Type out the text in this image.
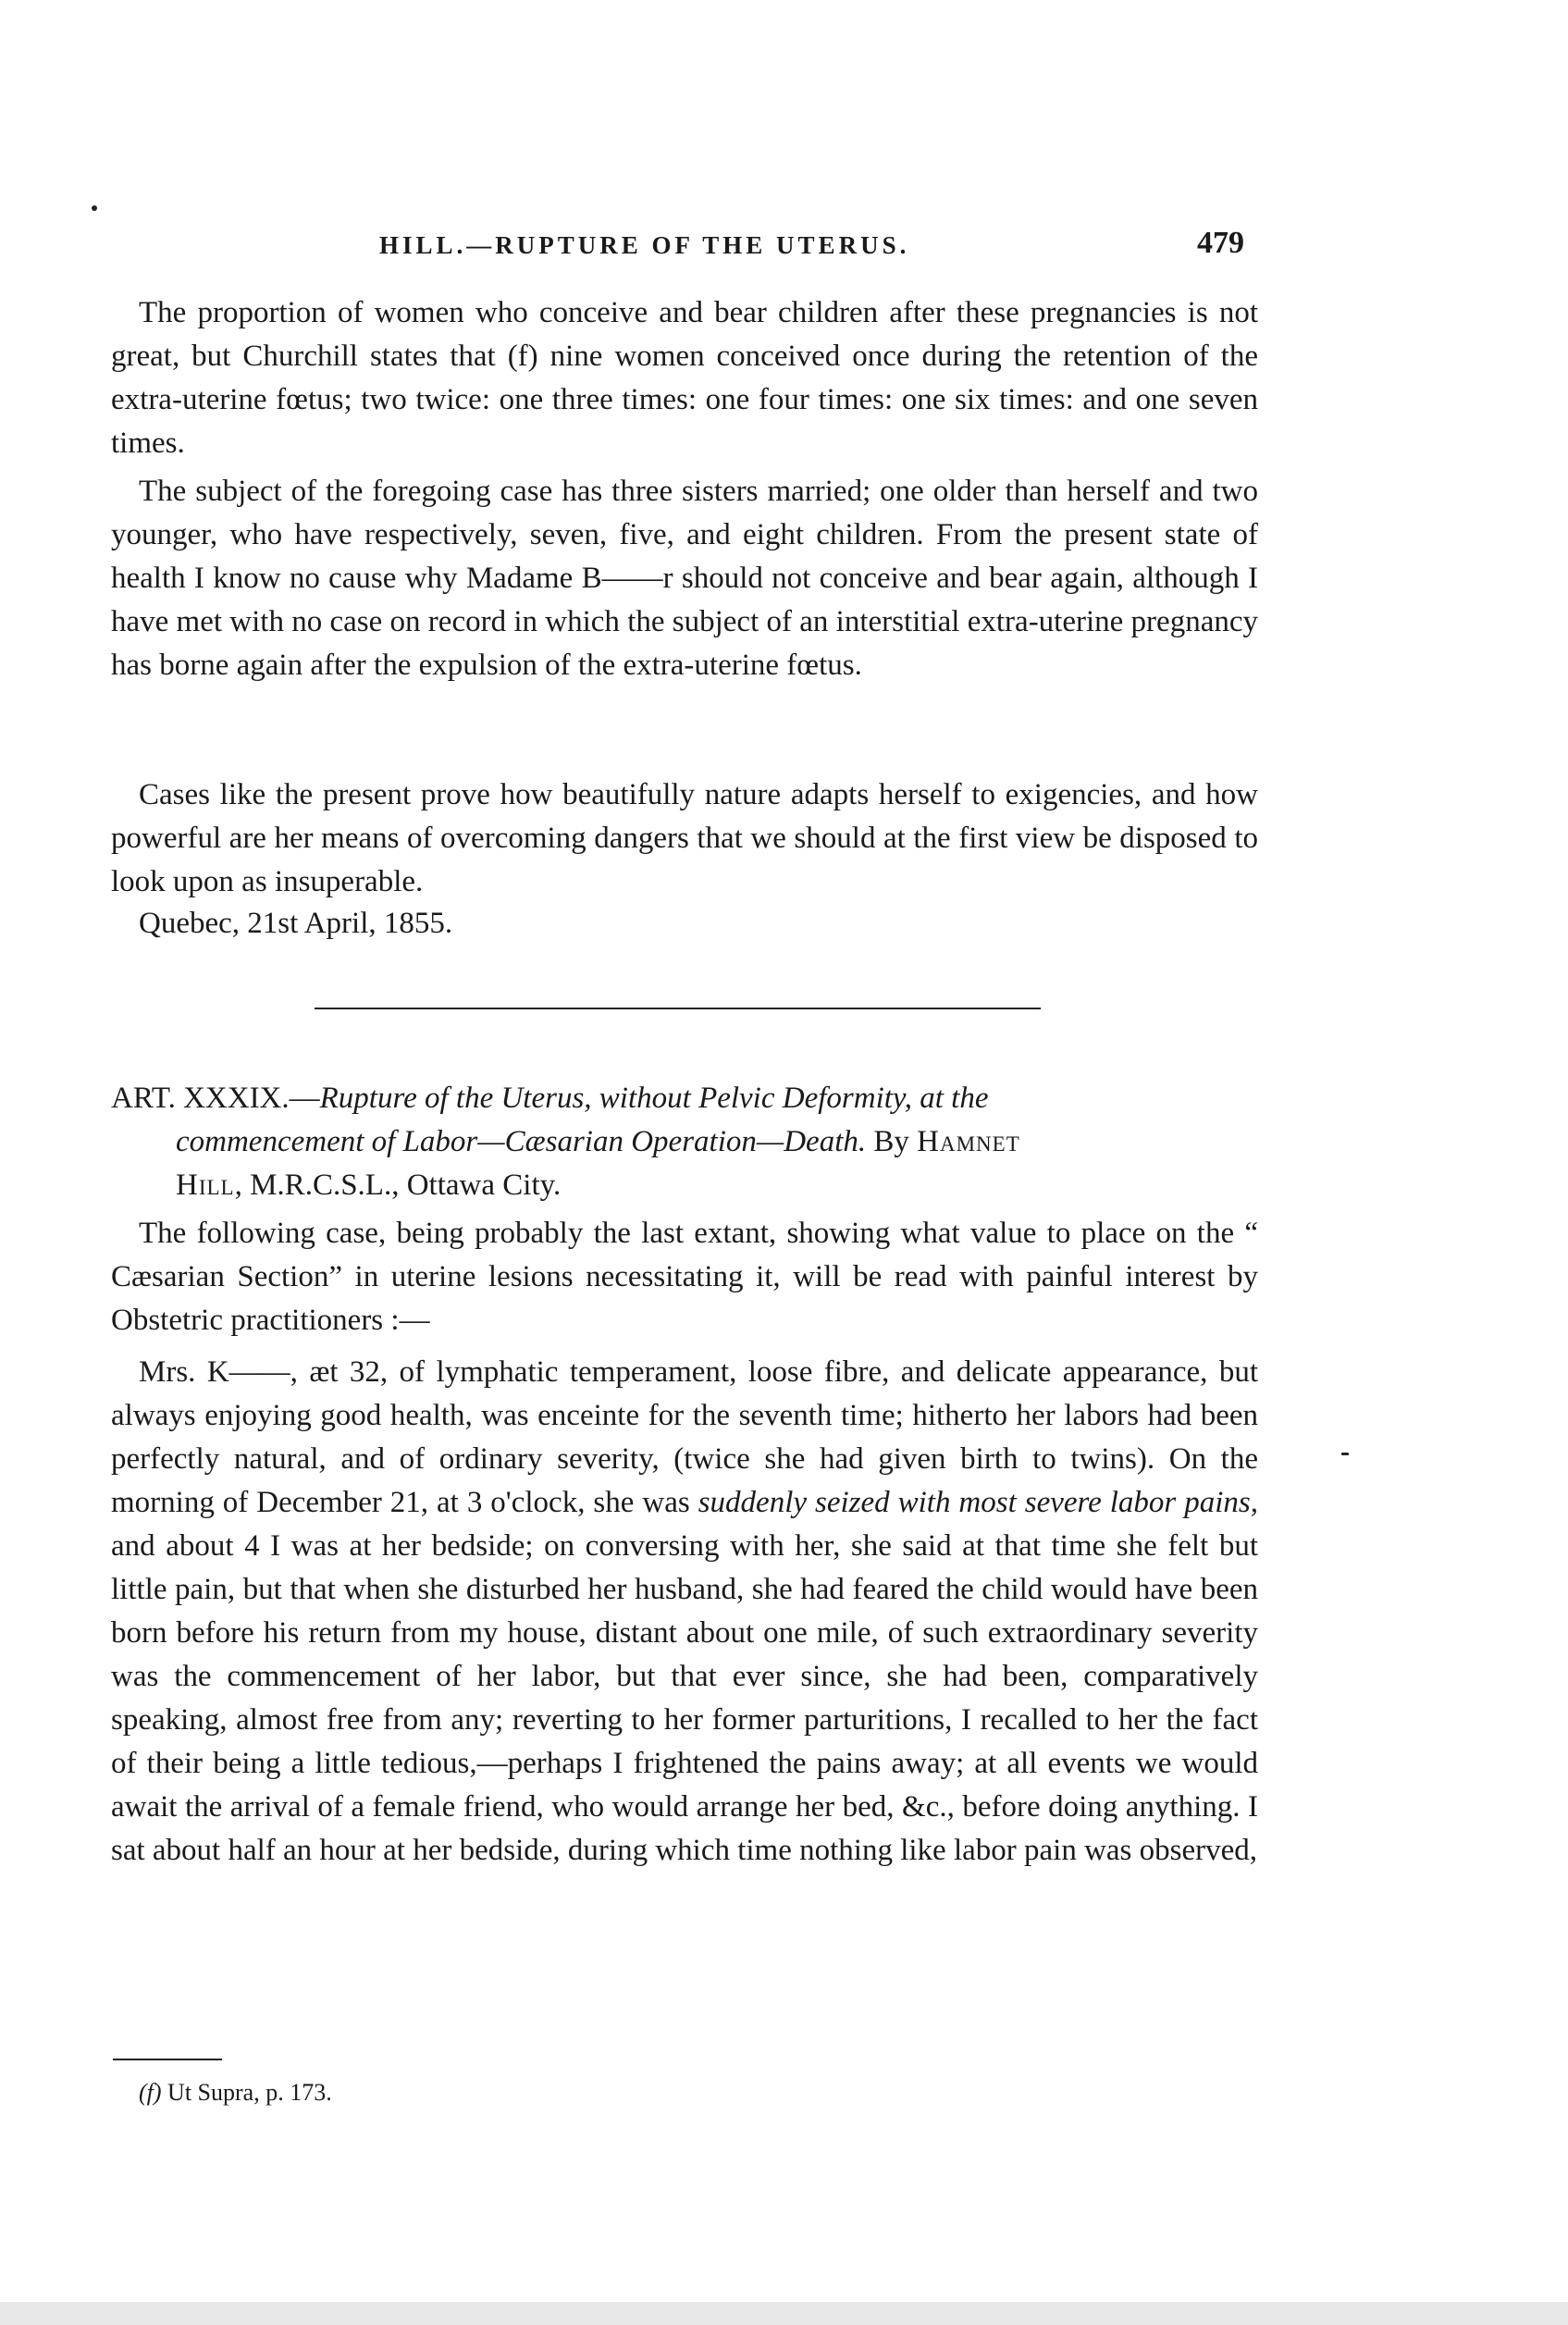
HILL.—RUPTURE OF THE UTERUS.	479

The proportion of women who conceive and bear children after these pregnancies is not great, but Churchill states that (f) nine women conceived once during the retention of the extra-uterine fœtus; two twice: one three times: one four times: one six times: and one seven times.

The subject of the foregoing case has three sisters married; one older than herself and two younger, who have respectively, seven, five, and eight children. From the present state of health I know no cause why Madame B——r should not conceive and bear again, although I have met with no case on record in which the subject of an interstitial extra-uterine pregnancy has borne again after the expulsion of the extra-uterine fœtus.

Cases like the present prove how beautifully nature adapts herself to exigencies, and how powerful are her means of overcoming dangers that we should at the first view be disposed to look upon as insuperable.

Quebec, 21st April, 1855.
ART. XXXIX.—Rupture of the Uterus, without Pelvic Deformity, at the
commencement of Labor—Cæsarian Operation—Death. By Hamnet
Hill, M.R.C.S.L., Ottawa City.

The following case, being probably the last extant, showing what value to place on the “ Cæsarian Section” in uterine lesions necessitating it, will be read with painful interest by Obstetric practitioners :—

Mrs. K——, æt 32, of lymphatic temperament, loose fibre, and delicate appearance, but always enjoying good health, was enceinte for the seventh time; hitherto her labors had been perfectly natural, and of ordinary severity, (twice she had given birth to twins). On the morning of December 21, at 3 o'clock, she was suddenly seized with most severe labor pains, and about 4 I was at her bedside; on conversing with her, she said at that time she felt but little pain, but that when she disturbed her husband, she had feared the child would have been born before his return from my house, distant about one mile, of such extraordinary severity was the commencement of her labor, but that ever since, she had been, comparatively speaking, almost free from any; reverting to her former parturitions, I recalled to her the fact of their being a little tedious,—perhaps I frightened the pains away; at all events we would await the arrival of a female friend, who would arrange her bed, &c., before doing anything. I sat about half an hour at her bedside, during which time nothing like labor pain was observed,

(f) Ut Supra, p. 173.
